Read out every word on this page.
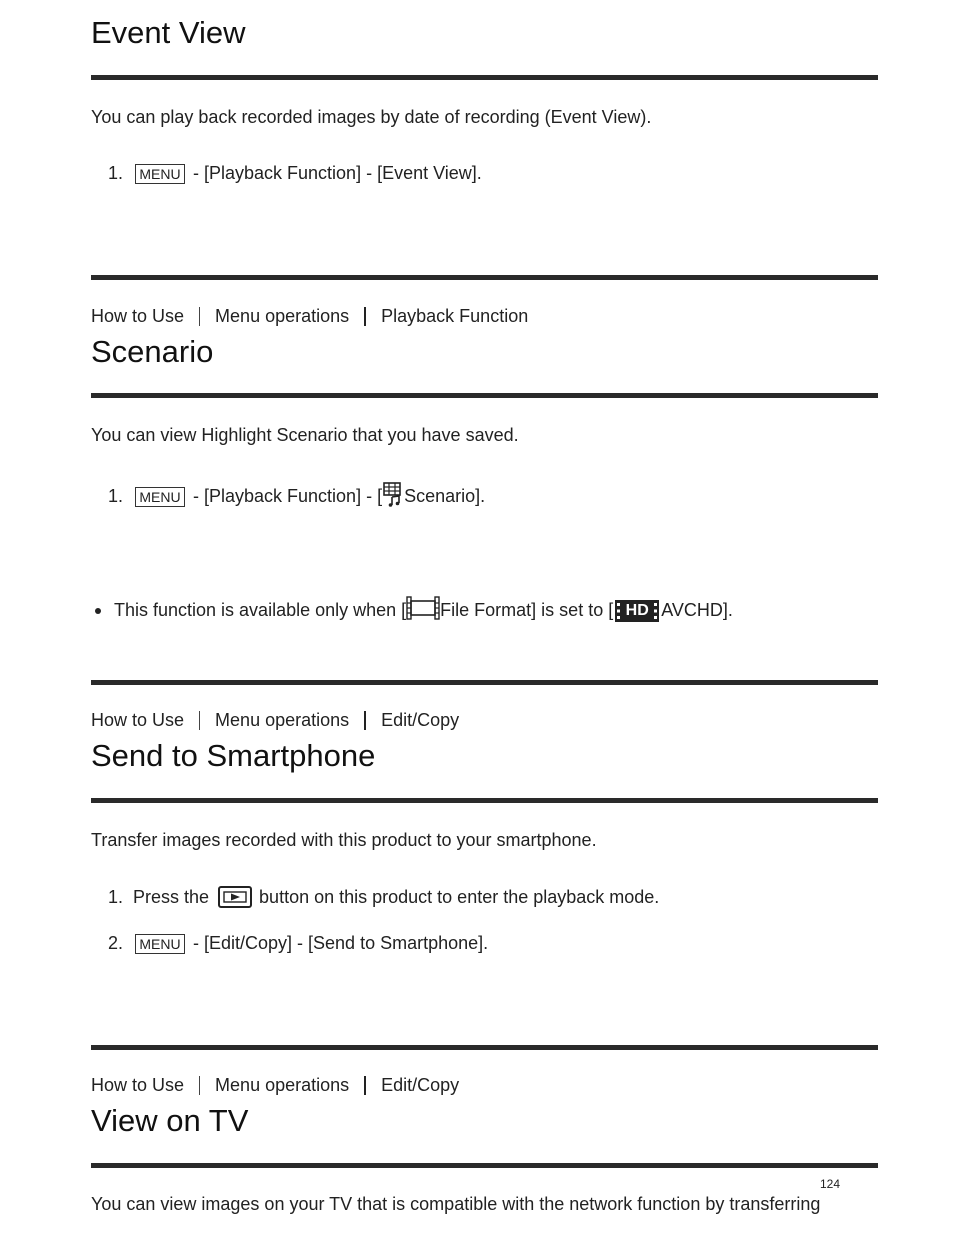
Event View
You can play back recorded images by date of recording (Event View).
1.	MENU - [Playback Function] - [Event View].
How to Use Menu operations Playback Function
Scenario
You can view Highlight Scenario that you have saved.
1.	MENU - [Playback Function] - [ Scenario].
This function is available only when [ File Format] is set to [ HD AVCHD].
How to Use Menu operations Edit/Copy
Send to Smartphone
Transfer images recorded with this product to your smartphone.
1. Press the	button on this product to enter the playback mode.
2.	MENU - [Edit/Copy] - [Send to Smartphone].
How to Use Menu operations Edit/Copy
View on TV
124
You can view images on your TV that is compatible with the network function by transferring
